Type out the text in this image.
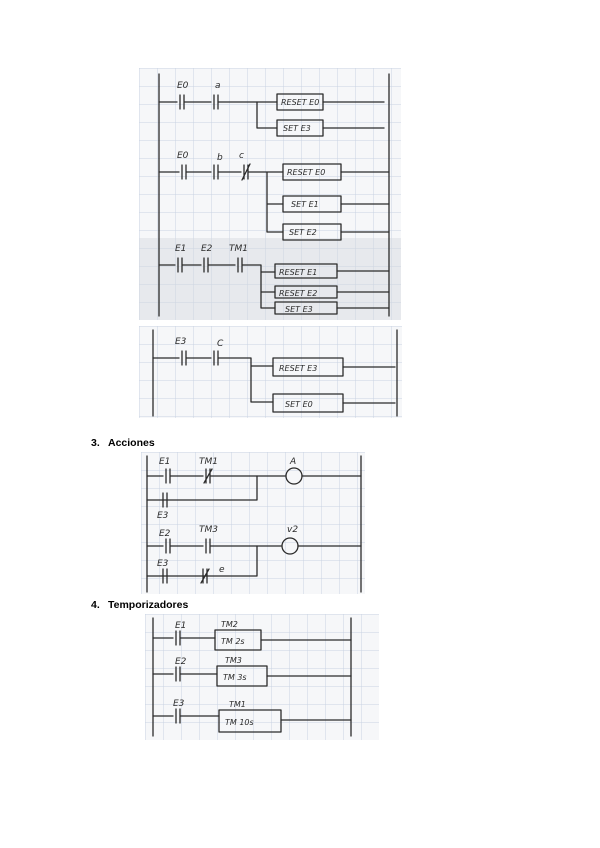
E0	a
RESET E0
SET E3
E0	b c
RESET E0
SET E1
SET E2
E1 E2 TM1
RESET E1
RESET E2
SET E3
E3	C
RESET E3
SET E0
3. Acciones
E1	TM1
E3
A
E2	TM3
E3
e
v2
4. Temporizadores
E1	TM2
TM 2s
E2	TM3
TM 3s
E3	TM1
TM 10s
